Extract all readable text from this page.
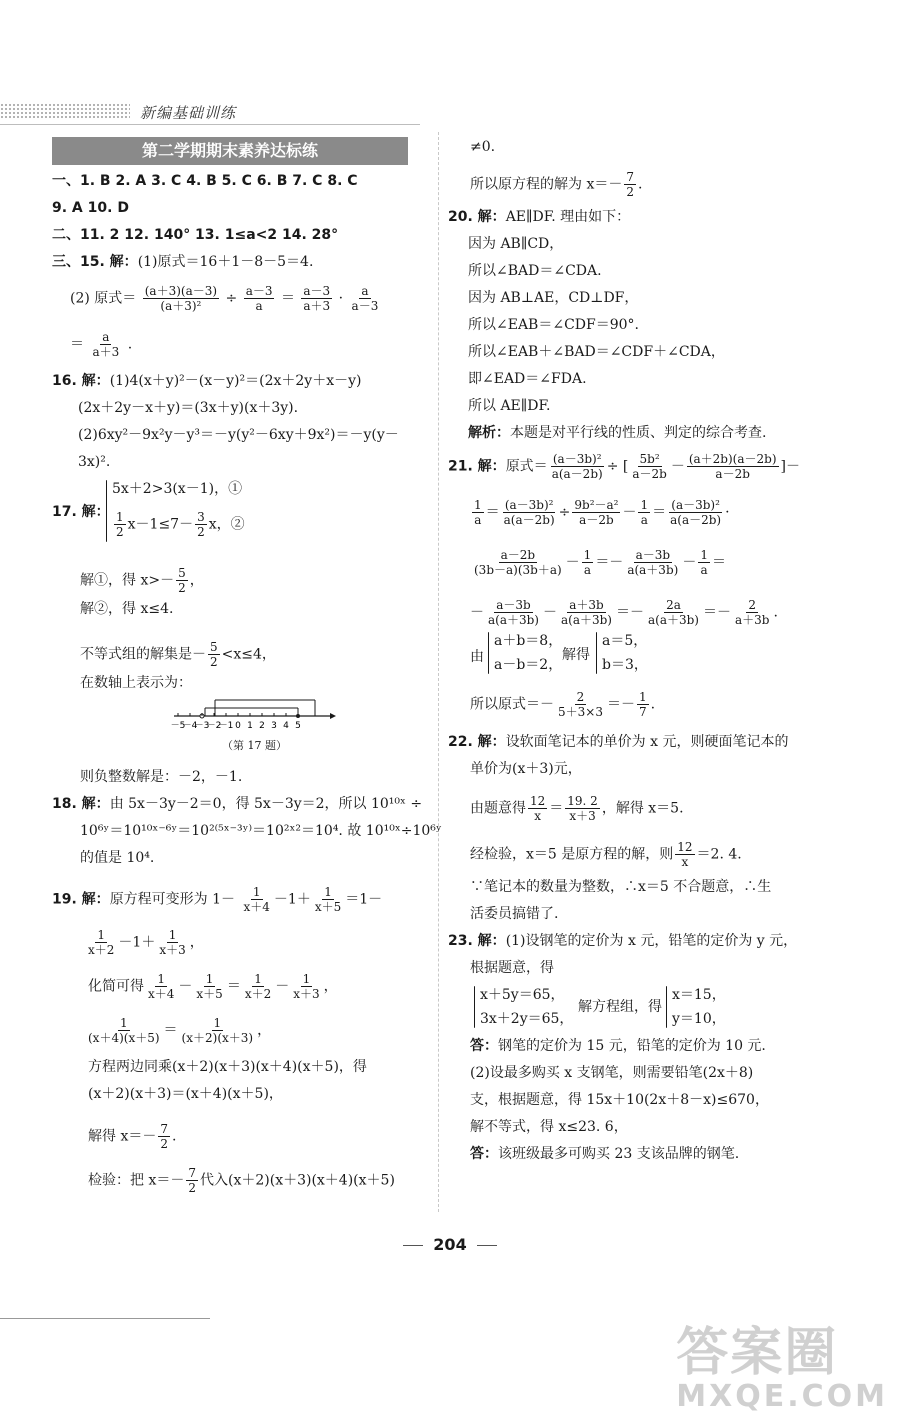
新编基础训练
第二学期期末素养达标练
一、1. B 2. A 3. C 4. B 5. C 6. B 7. C 8. C
9. A 10. D
二、11. 2 12. 140° 13. 1≤a<2 14. 28°
三、15. 解：(1)原式＝16＋1－8－5＝4.
(2) 原式＝ $\frac{(a+3)(a-3)}{\text{(a＋3)²}} \div \frac{a-3}{a} = \frac{a-3}{a+3} \cdot \frac{a}{a-3}$
＝ $\frac{a}{a+3}$ .
16. 解：(1)4(x＋y)²－(x－y)²＝(2x＋2y＋x－y)
(2x＋2y－x＋y)＝(3x＋y)(x＋3y).
(2)6xy²－9x²y－y³＝－y(y²－6xy＋9x²)＝－y(y－
3x)².
17. 解：
5x＋2>3(x－1)，①
$\frac{1}{2} x-1\le 7- \frac{3}{2}$ x，②
解①，得 $x>- \frac{5}{2}$ ，
解②，得 x≤4.
不等式组的解集是－ $\frac{5}{2} <x\le 4$，
在数轴上表示为：
－5
－4
－3
－2
－1 0 1 2 3 4 5
（第 17 题）
则负整数解是：－2，－1.
18. 解：由 5x－3y－2＝0，得 5x－3y＝2，所以 10¹⁰ˣ ÷
10⁶ʸ＝10¹⁰ˣ⁻⁶ʸ＝10²⁽⁵ˣ⁻³ʸ⁾＝10²ˣ²＝10⁴. 故 10¹⁰ˣ÷10⁶ʸ
的值是 10⁴.
19. 解：原方程可变形为 $1- \frac{1}{x+4} -1+ \frac{1}{x+5} =1-$
$\frac{1}{x+2} -1+ \frac{1}{x+3}$ ，
化简可得 $\frac{1}{x+4} - \frac{1}{x+5} = \frac{1}{x+2} - \frac{1}{x+3}$ ，
$\frac{1}{(x+4)(x+5)} = \frac{1}{(x+2)(x+3)}$ ，
方程两边同乘(x＋2)(x＋3)(x＋4)(x＋5)，得
(x＋2)(x＋3)＝(x＋4)(x＋5)，
解得 $x=- \frac{7}{2}$ .
检验：把 $x=- \frac{7}{2}$ 代入(x＋2)(x＋3)(x＋4)(x＋5)
≠0.
所以原方程的解为 $x=- \frac{7}{2}$ .
20. 解：AE∥DF. 理由如下：
因为 AB∥CD，
所以∠BAD＝∠CDA.
因为 AB⊥AE，CD⊥DF，
所以∠EAB＝∠CDF＝90°.
所以∠EAB＋∠BAD＝∠CDF＋∠CDA，
即∠EAD＝∠FDA.
所以 AE∥DF.
解析：本题是对平行线的性质、判定的综合考查.
21. 解：原式＝ $\frac{\text{(a－3b)²}}{a(a-2b)}$ ÷ [ $\frac{\text{5b²}}{a-2b} - \frac{(a+2b)(a-2b)}{a-2b}$ ]－
$\frac{1}{a} = \frac{\text{(a－3b)²}}{a(a-2b)} \div \frac{\text{9b²－a²}}{a-2b} - \frac{1}{a} = \frac{\text{(a－3b)²}}{a(a-2b)}$ ·
$\frac{a-2b}{(3b-a)(3b+a)} - \frac{1}{a} =- \frac{a-3b}{a(a+3b)} - \frac{1}{a}$ ＝
－ $\frac{a-3b}{a(a+3b)} - \frac{a+3b}{a(a+3b)} =- \frac{2a}{a(a+3b)} =- \frac{2}{a+3b}$ .
由
a＋b＝8，
a－b＝2，
解得
a＝5，
b＝3，
所以原式＝－ $\frac{2}{5+3\times 3} =- \frac{1}{7}$ .
22. 解：设软面笔记本的单价为 x 元，则硬面笔记本的
单价为(x＋3)元，
由题意得 $\frac{12}{x} = \frac{19. 2}{x+3}$ ，解得 x＝5.
经检验，x＝5 是原方程的解，则 $\frac{12}{x} =2$. 4.
∵笔记本的数量为整数，∴x＝5 不合题意，∴生
活委员搞错了.
23. 解：(1)设钢笔的定价为 x 元，铅笔的定价为 y 元，
根据题意，得
x＋5y＝65，
3x＋2y＝65，
解方程组，得
x＝15，
y＝10，
答：钢笔的定价为 15 元，铅笔的定价为 10 元.
(2)设最多购买 x 支钢笔，则需要铅笔(2x＋8)
支，根据题意，得 15x＋10(2x＋8－x)≤670，
解不等式，得 x≤23. 6，
答：该班级最多可购买 23 支该品牌的钢笔.
204
答案圈
MXQE.COM
